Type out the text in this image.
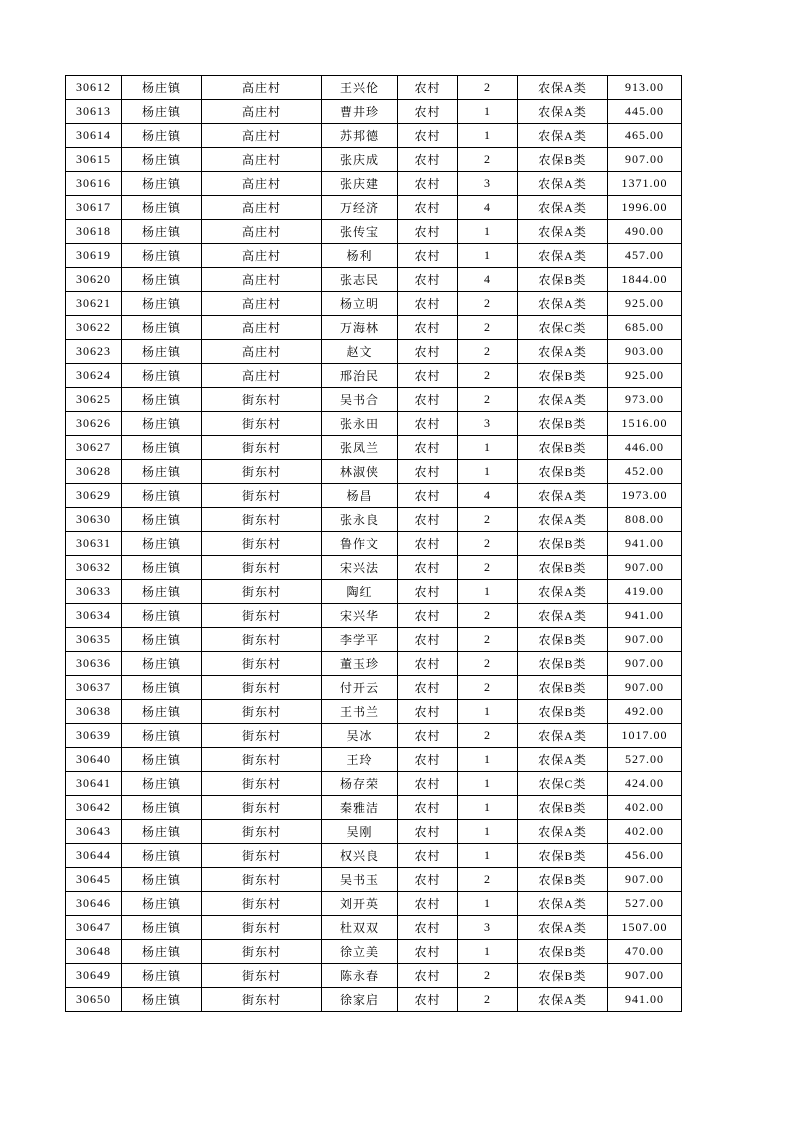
30612	杨庄镇	高庄村	王兴伦	农村	2	农保A类	913.00
30613	杨庄镇	高庄村	曹井珍	农村	1	农保A类	445.00
30614	杨庄镇	高庄村	苏邦德	农村	1	农保A类	465.00
30615	杨庄镇	高庄村	张庆成	农村	2	农保B类	907.00
30616	杨庄镇	高庄村	张庆建	农村	3	农保A类	1371.00
30617	杨庄镇	高庄村	万经济	农村	4	农保A类	1996.00
30618	杨庄镇	高庄村	张传宝	农村	1	农保A类	490.00
30619	杨庄镇	高庄村	杨利	农村	1	农保A类	457.00
30620	杨庄镇	高庄村	张志民	农村	4	农保B类	1844.00
30621	杨庄镇	高庄村	杨立明	农村	2	农保A类	925.00
30622	杨庄镇	高庄村	万海林	农村	2	农保C类	685.00
30623	杨庄镇	高庄村	赵文	农村	2	农保A类	903.00
30624	杨庄镇	高庄村	邢治民	农村	2	农保B类	925.00
30625	杨庄镇	街东村	吴书合	农村	2	农保A类	973.00
30626	杨庄镇	街东村	张永田	农村	3	农保B类	1516.00
30627	杨庄镇	街东村	张凤兰	农村	1	农保B类	446.00
30628	杨庄镇	街东村	林淑侠	农村	1	农保B类	452.00
30629	杨庄镇	街东村	杨昌	农村	4	农保A类	1973.00
30630	杨庄镇	街东村	张永良	农村	2	农保A类	808.00
30631	杨庄镇	街东村	鲁作文	农村	2	农保B类	941.00
30632	杨庄镇	街东村	宋兴法	农村	2	农保B类	907.00
30633	杨庄镇	街东村	陶红	农村	1	农保A类	419.00
30634	杨庄镇	街东村	宋兴华	农村	2	农保A类	941.00
30635	杨庄镇	街东村	李学平	农村	2	农保B类	907.00
30636	杨庄镇	街东村	董玉珍	农村	2	农保B类	907.00
30637	杨庄镇	街东村	付开云	农村	2	农保B类	907.00
30638	杨庄镇	街东村	王书兰	农村	1	农保B类	492.00
30639	杨庄镇	街东村	吴冰	农村	2	农保A类	1017.00
30640	杨庄镇	街东村	王玲	农村	1	农保A类	527.00
30641	杨庄镇	街东村	杨存荣	农村	1	农保C类	424.00
30642	杨庄镇	街东村	秦雅洁	农村	1	农保B类	402.00
30643	杨庄镇	街东村	吴刚	农村	1	农保A类	402.00
30644	杨庄镇	街东村	权兴良	农村	1	农保B类	456.00
30645	杨庄镇	街东村	吴书玉	农村	2	农保B类	907.00
30646	杨庄镇	街东村	刘开英	农村	1	农保A类	527.00
30647	杨庄镇	街东村	杜双双	农村	3	农保A类	1507.00
30648	杨庄镇	街东村	徐立美	农村	1	农保B类	470.00
30649	杨庄镇	街东村	陈永春	农村	2	农保B类	907.00
30650	杨庄镇	街东村	徐家启	农村	2	农保A类	941.00
